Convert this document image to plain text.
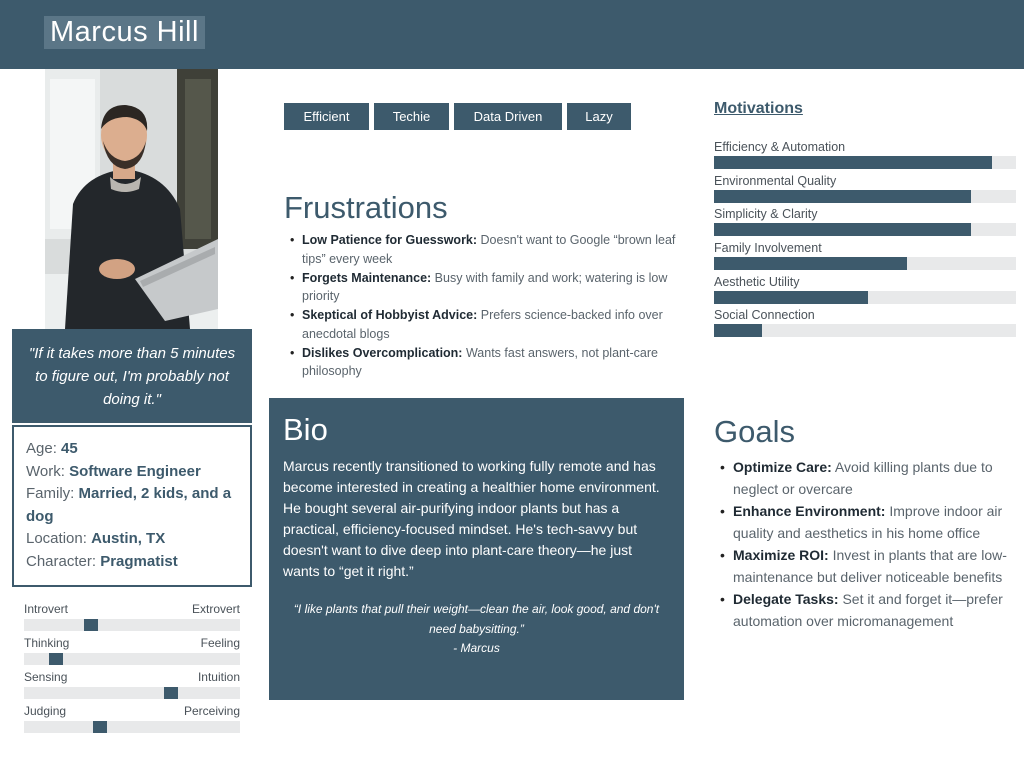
Marcus Hill
"If it takes more than 5 minutes to figure out, I'm probably not doing it."
Age: 45
Work: Software Engineer
Family: Married, 2 kids, and a dog
Location: Austin, TX
Character: Pragmatist
Introvert	Extrovert
Thinking	Feeling
Sensing	Intuition
Judging	Perceiving
Efficient	Techie	Data Driven	Lazy
Frustrations
• Low Patience for Guesswork: Doesn't want to Google “brown leaf tips” every week
• Forgets Maintenance: Busy with family and work; watering is low priority
• Skeptical of Hobbyist Advice: Prefers science-backed info over anecdotal blogs
• Dislikes Overcomplication: Wants fast answers, not plant-care philosophy
Bio

Marcus recently transitioned to working fully remote and has become interested in creating a healthier home environment. He bought several air-purifying indoor plants but has a practical, efficiency-focused mindset. He's tech-savvy but doesn't want to dive deep into plant-care theory—he just wants to “get it right.”

“I like plants that pull their weight—clean the air, look good, and don't need babysitting.”
- Marcus

Motivations
Efficiency & Automation
Environmental Quality
Simplicity & Clarity
Family Involvement
Aesthetic Utility
Social Connection
Goals
• Optimize Care: Avoid killing plants due to neglect or overcare
• Enhance Environment: Improve indoor air quality and aesthetics in his home office
• Maximize ROI: Invest in plants that are low-maintenance but deliver noticeable benefits
• Delegate Tasks: Set it and forget it—prefer automation over micromanagement
